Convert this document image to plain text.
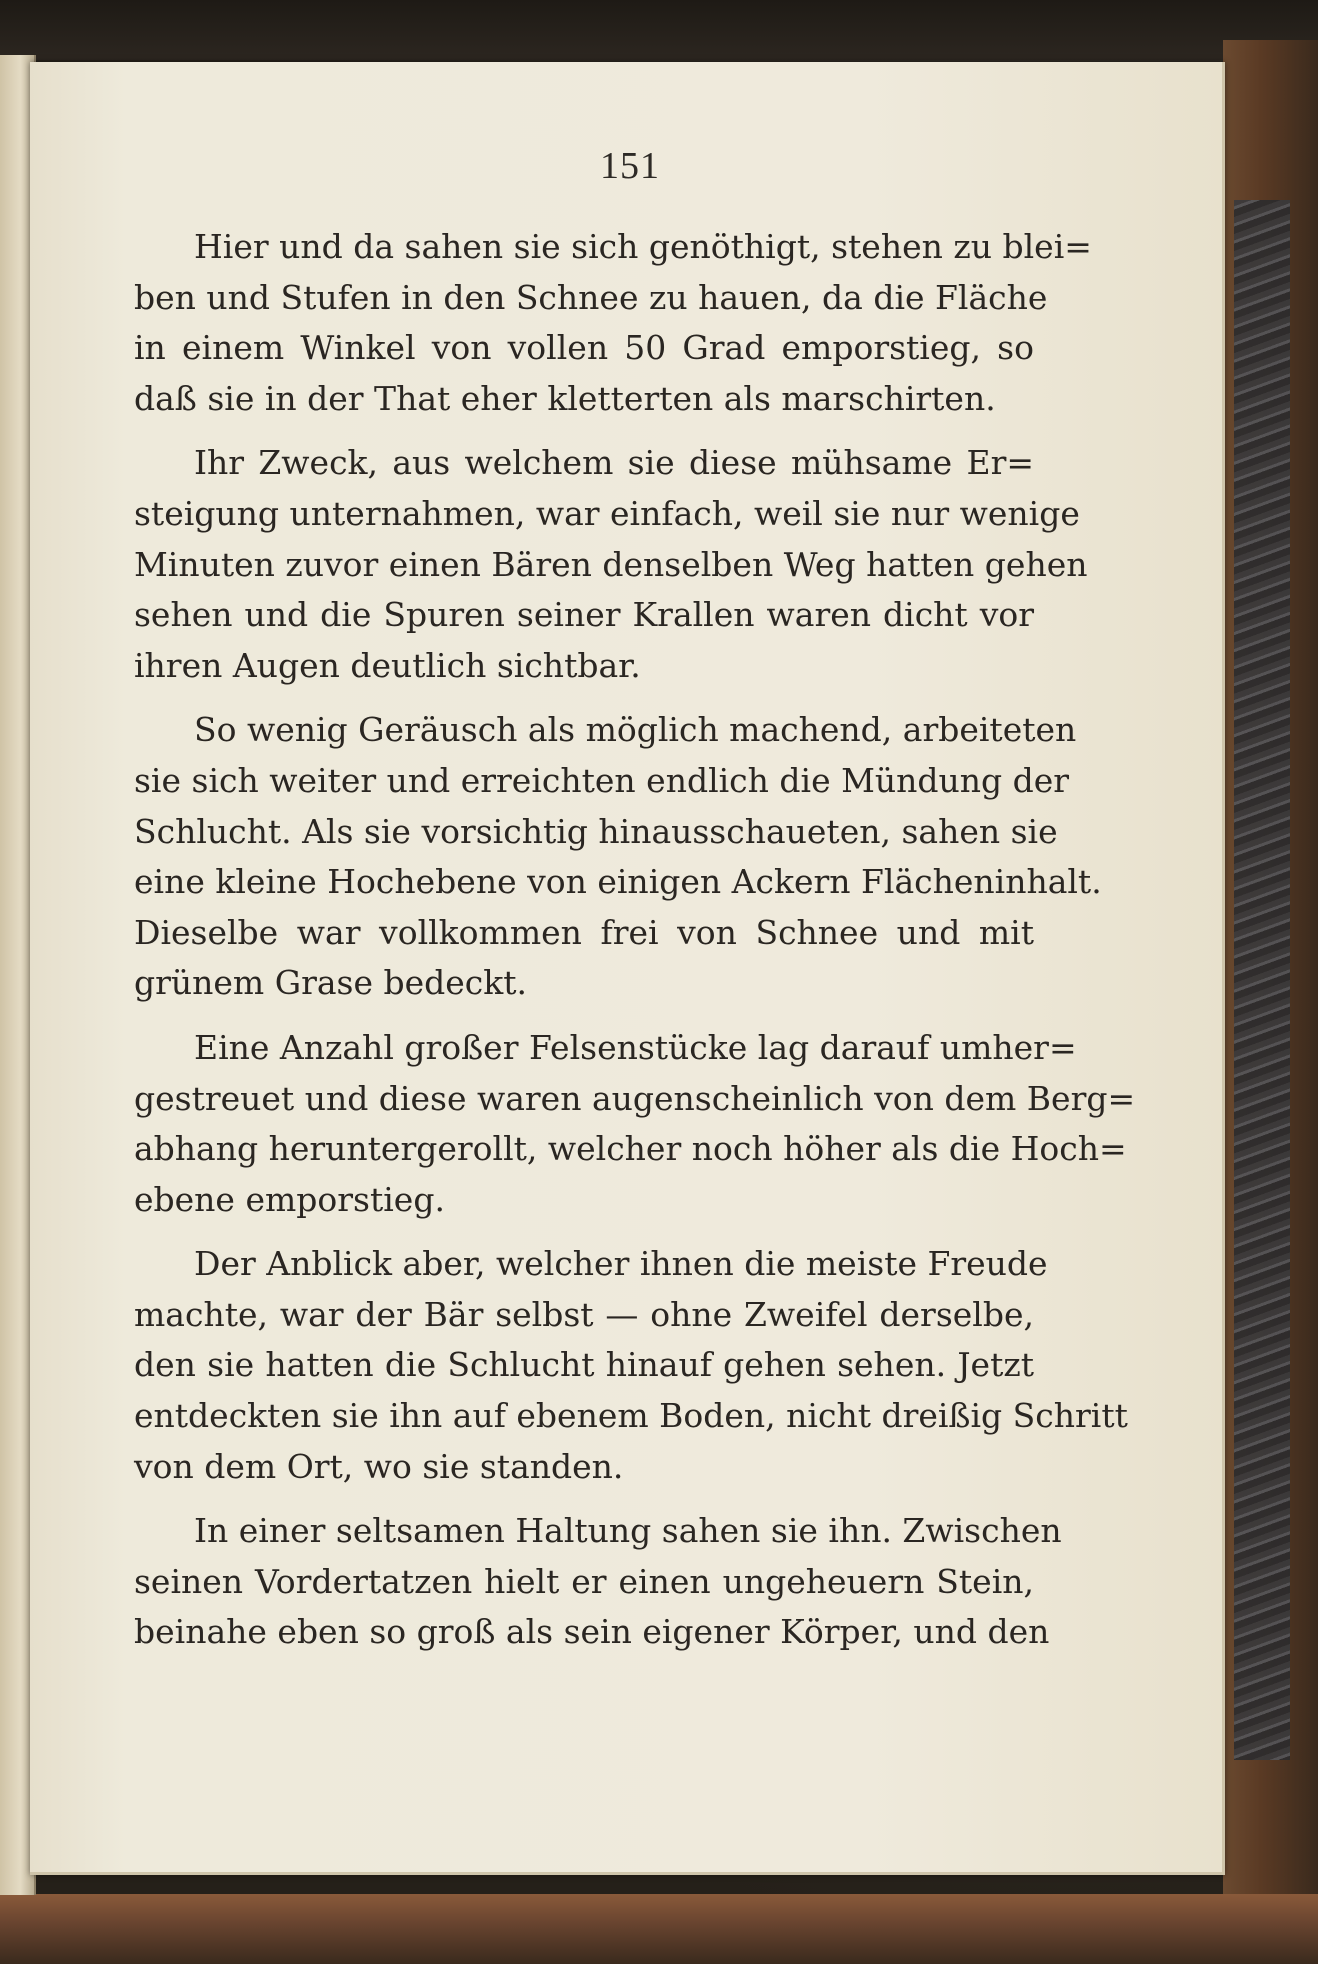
151
Hier und da sahen sie sich genöthigt, stehen zu blei=
ben und Stufen in den Schnee zu hauen, da die Fläche
in einem Winkel von vollen 50 Grad emporstieg, so
daß sie in der That eher kletterten als marschirten.
Ihr Zweck, aus welchem sie diese mühsame Er=
steigung unternahmen, war einfach, weil sie nur wenige
Minuten zuvor einen Bären denselben Weg hatten gehen
sehen und die Spuren seiner Krallen waren dicht vor
ihren Augen deutlich sichtbar.
So wenig Geräusch als möglich machend, arbeiteten
sie sich weiter und erreichten endlich die Mündung der
Schlucht. Als sie vorsichtig hinausschaueten, sahen sie
eine kleine Hochebene von einigen Ackern Flächeninhalt.
Dieselbe war vollkommen frei von Schnee und mit
grünem Grase bedeckt.
Eine Anzahl großer Felsenstücke lag darauf umher=
gestreuet und diese waren augenscheinlich von dem Berg=
abhang heruntergerollt, welcher noch höher als die Hoch=
ebene emporstieg.
Der Anblick aber, welcher ihnen die meiste Freude
machte, war der Bär selbst — ohne Zweifel derselbe,
den sie hatten die Schlucht hinauf gehen sehen. Jetzt
entdeckten sie ihn auf ebenem Boden, nicht dreißig Schritt
von dem Ort, wo sie standen.
In einer seltsamen Haltung sahen sie ihn. Zwischen
seinen Vordertatzen hielt er einen ungeheuern Stein,
beinahe eben so groß als sein eigener Körper, und den
